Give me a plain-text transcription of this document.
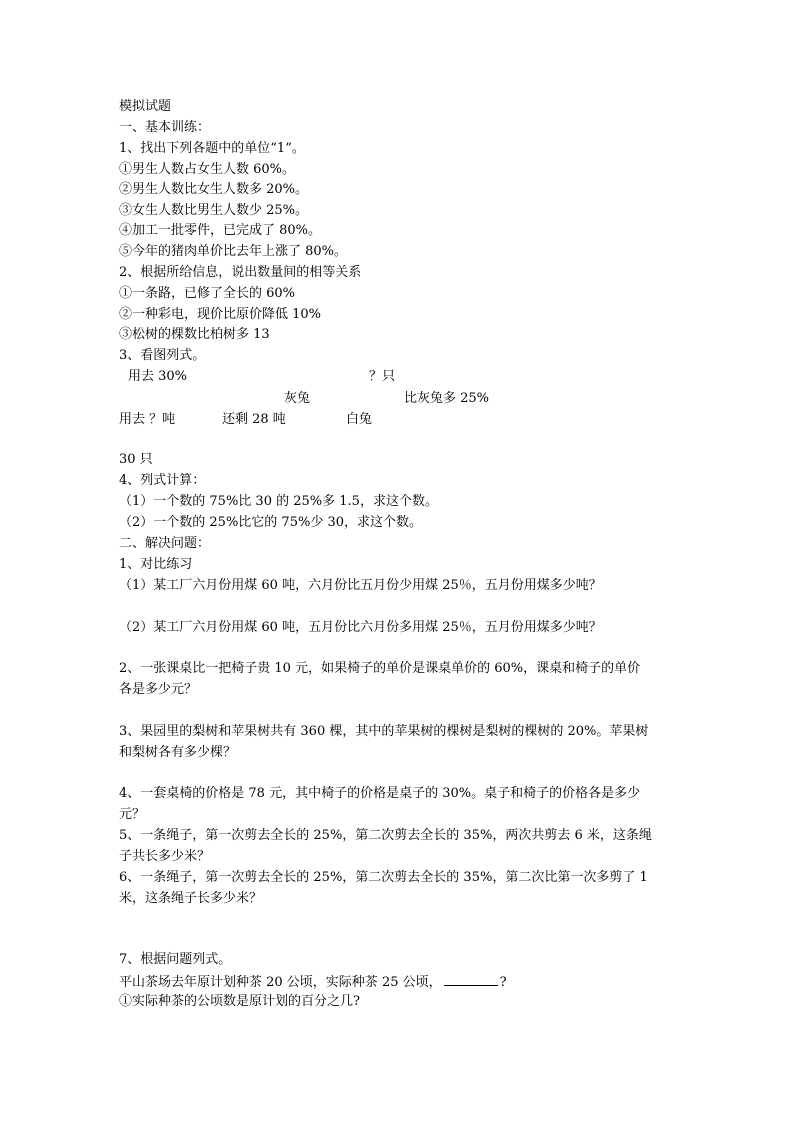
模拟试题
一、基本训练：
1、找出下列各题中的单位“1”。
①男生人数占女生人数 60%。
②男生人数比女生人数多 20%。
③女生人数比男生人数少 25%。
④加工一批零件，已完成了 80%。
⑤今年的猪肉单价比去年上涨了 80%。
2、根据所给信息，说出数量间的相等关系
①一条路，已修了全长的 60%
②一种彩电，现价比原价降低 10%
③松树的棵数比柏树多 13
3、看图列式。
用去 30%	？只
灰兔	比灰兔多 25%
用去 ？吨	还剩 28 吨	白兔
30 只
4、列式计算：
（1）一个数的 75%比 30 的 25%多 1.5，求这个数。
（2）一个数的 25%比它的 75%少 30，求这个数。
二、解决问题：
1、对比练习
（1）某工厂六月份用煤 60 吨，六月份比五月份少用煤 25％，五月份用煤多少吨？
（2）某工厂六月份用煤 60 吨，五月份比六月份多用煤 25％，五月份用煤多少吨？
2、一张课桌比一把椅子贵 10 元，如果椅子的单价是课桌单价的 60%，课桌和椅子的单价
各是多少元？
3、果园里的梨树和苹果树共有 360 棵，其中的苹果树的棵树是梨树的棵树的 20%。苹果树
和梨树各有多少棵？
4、一套桌椅的价格是 78 元，其中椅子的价格是桌子的 30%。桌子和椅子的价格各是多少
元？
5、一条绳子，第一次剪去全长的 25%，第二次剪去全长的 35%，两次共剪去 6 米，这条绳
子共长多少米？
6、一条绳子，第一次剪去全长的 25%，第二次剪去全长的 35%，第二次比第一次多剪了 1
米，这条绳子长多少米？
7、根据问题列式。
平山茶场去年原计划种茶 20 公顷，实际种茶 25 公顷，	?
①实际种茶的公顷数是原计划的百分之几?
